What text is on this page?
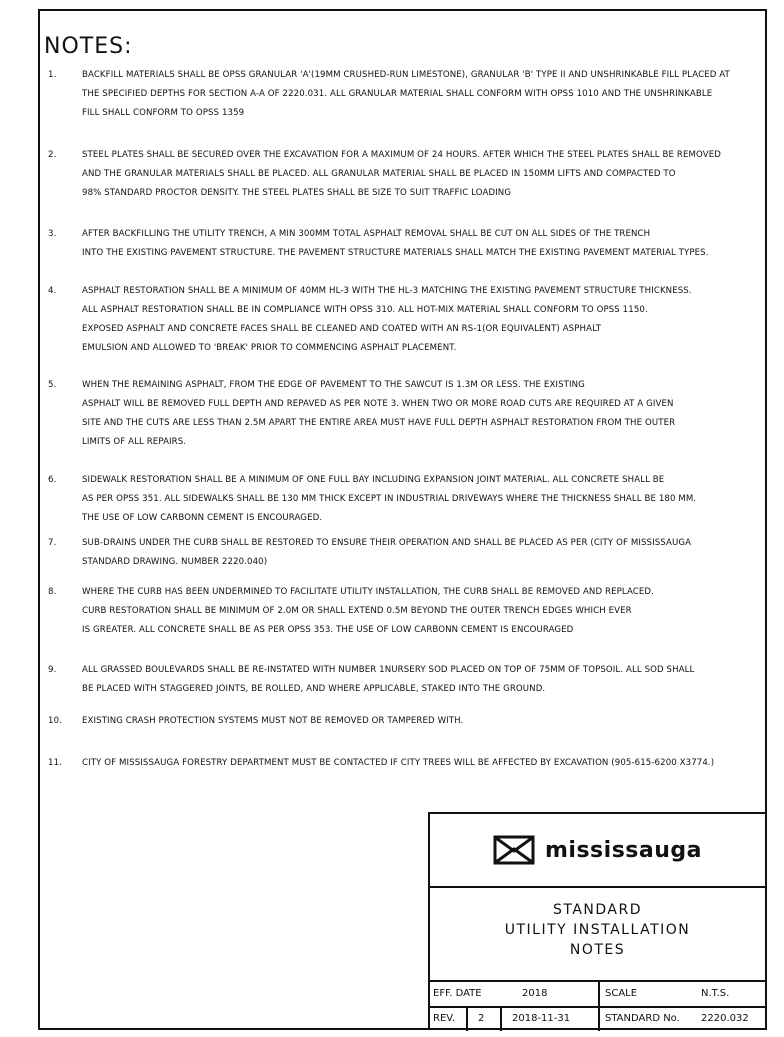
NOTES:
1.	BACKFILL MATERIALS SHALL BE OPSS GRANULAR 'A'(19MM CRUSHED-RUN LIMESTONE), GRANULAR 'B' TYPE II AND UNSHRINKABLE FILL PLACED AT
THE SPECIFIED DEPTHS FOR SECTION A-A OF 2220.031. ALL GRANULAR MATERIAL SHALL CONFORM WITH OPSS 1010 AND THE UNSHRINKABLE
FILL SHALL CONFORM TO OPSS 1359
2.	STEEL PLATES SHALL BE SECURED OVER THE EXCAVATION FOR A MAXIMUM OF 24 HOURS. AFTER WHICH THE STEEL PLATES SHALL BE REMOVED
AND THE GRANULAR MATERIALS SHALL BE PLACED. ALL GRANULAR MATERIAL SHALL BE PLACED IN 150MM LIFTS AND COMPACTED TO
98% STANDARD PROCTOR DENSITY. THE STEEL PLATES SHALL BE SIZE TO SUIT TRAFFIC LOADING
3.	AFTER BACKFILLING THE UTILITY TRENCH, A MIN 300MM TOTAL ASPHALT REMOVAL SHALL BE CUT ON ALL SIDES OF THE TRENCH
INTO THE EXISTING PAVEMENT STRUCTURE. THE PAVEMENT STRUCTURE MATERIALS SHALL MATCH THE EXISTING PAVEMENT MATERIAL TYPES.
4.	ASPHALT RESTORATION SHALL BE A MINIMUM OF 40MM HL-3 WITH THE HL-3 MATCHING THE EXISTING PAVEMENT STRUCTURE THICKNESS.
ALL ASPHALT RESTORATION SHALL BE IN COMPLIANCE WITH OPSS 310. ALL HOT-MIX MATERIAL SHALL CONFORM TO OPSS 1150.
EXPOSED ASPHALT AND CONCRETE FACES SHALL BE CLEANED AND COATED WITH AN RS-1(OR EQUIVALENT) ASPHALT
EMULSION AND ALLOWED TO 'BREAK' PRIOR TO COMMENCING ASPHALT PLACEMENT.
5.	WHEN THE REMAINING ASPHALT, FROM THE EDGE OF PAVEMENT TO THE SAWCUT IS 1.3M OR LESS. THE EXISTING
ASPHALT WILL BE REMOVED FULL DEPTH AND REPAVED AS PER NOTE 3. WHEN TWO OR MORE ROAD CUTS ARE REQUIRED AT A GIVEN
SITE AND THE CUTS ARE LESS THAN 2.5M APART THE ENTIRE AREA MUST HAVE FULL DEPTH ASPHALT RESTORATION FROM THE OUTER
LIMITS OF ALL REPAIRS.
6.	SIDEWALK RESTORATION SHALL BE A MINIMUM OF ONE FULL BAY INCLUDING EXPANSION JOINT MATERIAL. ALL CONCRETE SHALL BE
AS PER OPSS 351. ALL SIDEWALKS SHALL BE 130 MM THICK EXCEPT IN INDUSTRIAL DRIVEWAYS WHERE THE THICKNESS SHALL BE 180 MM.
THE USE OF LOW CARBONN CEMENT IS ENCOURAGED.
7.	SUB-DRAINS UNDER THE CURB SHALL BE RESTORED TO ENSURE THEIR OPERATION AND SHALL BE PLACED AS PER (CITY OF MISSISSAUGA
STANDARD DRAWING. NUMBER 2220.040)
8.	WHERE THE CURB HAS BEEN UNDERMINED TO FACILITATE UTILITY INSTALLATION, THE CURB SHALL BE REMOVED AND REPLACED.
CURB RESTORATION SHALL BE MINIMUM OF 2.0M OR SHALL EXTEND 0.5M BEYOND THE OUTER TRENCH EDGES WHICH EVER
IS GREATER. ALL CONCRETE SHALL BE AS PER OPSS 353. THE USE OF LOW CARBONN CEMENT IS ENCOURAGED
9.	ALL GRASSED BOULEVARDS SHALL BE RE-INSTATED WITH NUMBER 1NURSERY SOD PLACED ON TOP OF 75MM OF TOPSOIL. ALL SOD SHALL
BE PLACED WITH STAGGERED JOINTS, BE ROLLED, AND WHERE APPLICABLE, STAKED INTO THE GROUND.
10.	EXISTING CRASH PROTECTION SYSTEMS MUST NOT BE REMOVED OR TAMPERED WITH.
11.	CITY OF MISSISSAUGA FORESTRY DEPARTMENT MUST BE CONTACTED IF CITY TREES WILL BE AFFECTED BY EXCAVATION (905-615-6200 X3774.)
mississauga
STANDARD
UTILITY INSTALLATION
NOTES
EFF. DATE	2018	SCALE	N.T.S.
REV.	2	2018-11-31	STANDARD No.	2220.032
